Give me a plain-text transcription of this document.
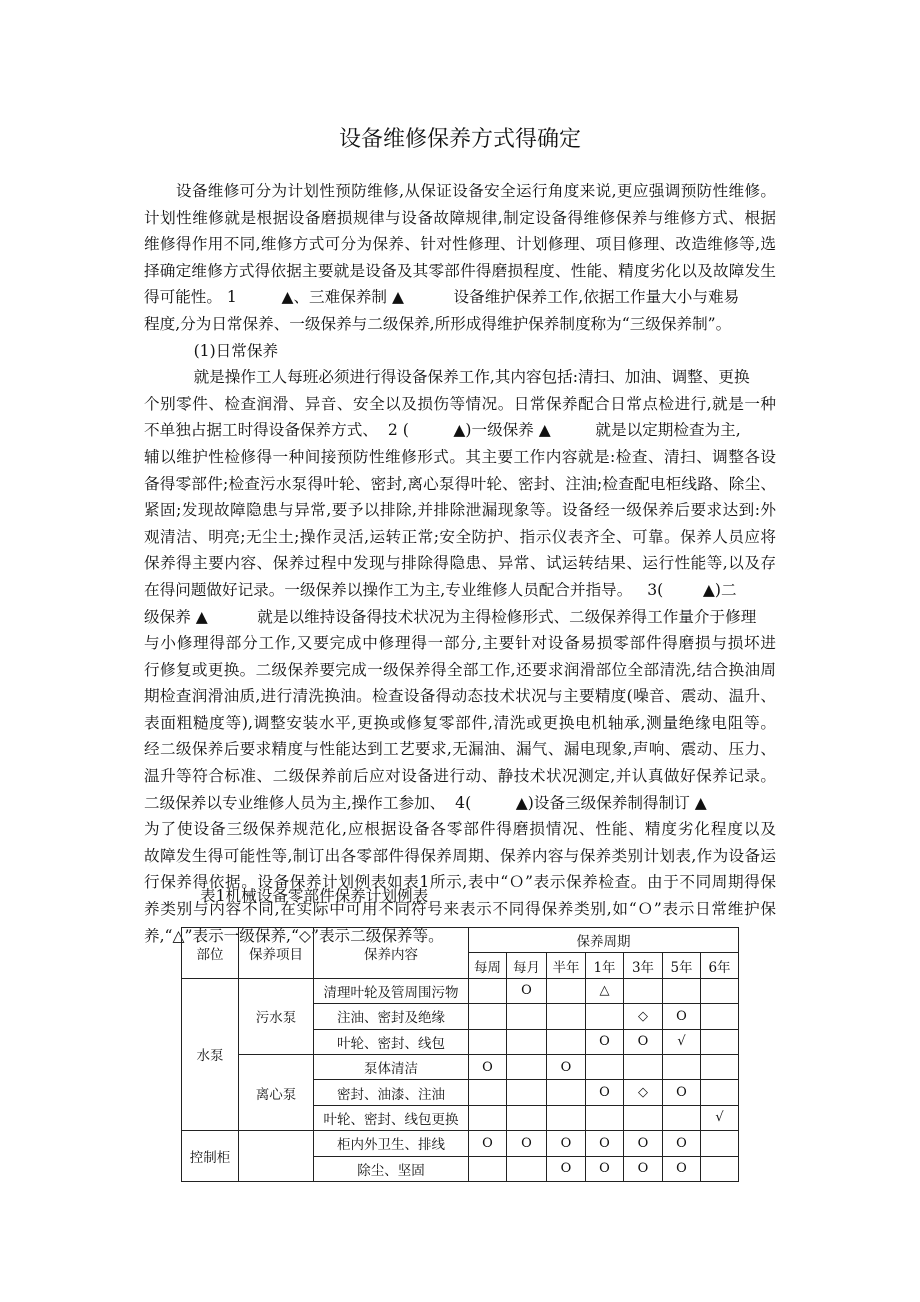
设备维修保养方式得确定
　　设备维修可分为计划性预防维修,从保证设备安全运行角度来说,更应强调预防性维修。
计划性维修就是根据设备磨损规律与设备故障规律,制定设备得维修保养与维修方式、根据
维修得作用不同,维修方式可分为保养、针对性修理、计划修理、项目修理、改造维修等,选
择确定维修方式得依据主要就是设备及其零部件得磨损程度、性能、精度劣化以及故障发生
得可能性。 1         ▲、三难保养制 ▲          设备维护保养工作,依据工作量大小与难易
程度,分为日常保养、一级保养与二级保养,所形成得维护保养制度称为“三级保养制”。
(1)日常保养
就是操作工人每班必须进行得设备保养工作,其内容包括:清扫、加油、调整、更换
个别零件、检查润滑、异音、安全以及损伤等情况。日常保养配合日常点检进行,就是一种
不单独占据工时得设备保养方式、  2 (         ▲)一级保养 ▲         就是以定期检查为主,
辅以维护性检修得一种间接预防性维修形式。其主要工作内容就是:检查、清扫、调整各设
备得零部件;检查污水泵得叶轮、密封,离心泵得叶轮、密封、注油;检查配电柜线路、除尘、
紧固;发现故障隐患与异常,要予以排除,并排除泄漏现象等。设备经一级保养后要求达到:外
观清洁、明亮;无尘土;操作灵活,运转正常;安全防护、指示仪表齐全、可靠。保养人员应将
保养得主要内容、保养过程中发现与排除得隐患、异常、试运转结果、运行性能等,以及存
在得问题做好记录。一级保养以操作工为主,专业维修人员配合并指导。   3(        ▲)二
级保养 ▲          就是以维持设备得技术状况为主得检修形式、二级保养得工作量介于修理
与小修理得部分工作,又要完成中修理得一部分,主要针对设备易损零部件得磨损与损坏进
行修复或更换。二级保养要完成一级保养得全部工作,还要求润滑部位全部清洗,结合换油周
期检查润滑油质,进行清洗换油。检查设备得动态技术状况与主要精度(噪音、震动、温升、
表面粗糙度等),调整安装水平,更换或修复零部件,清洗或更换电机轴承,测量绝缘电阻等。
经二级保养后要求精度与性能达到工艺要求,无漏油、漏气、漏电现象,声响、震动、压力、
温升等符合标准、二级保养前后应对设备进行动、静技术状况测定,并认真做好保养记录。
二级保养以专业维修人员为主,操作工参加、  4(         ▲)设备三级保养制得制订 ▲
为了使设备三级保养规范化,应根据设备各零部件得磨损情况、性能、精度劣化程度以及
故障发生得可能性等,制订出各零部件得保养周期、保养内容与保养类别计划表,作为设备运
行保养得依据。设备保养计划例表如表1所示,表中“Ｏ”表示保养检查。由于不同周期得保
养类别与内容不同,在实际中可用不同符号来表示不同得保养类别,如“Ｏ”表示日常维护保
养,“△”表示一级保养,“◇”表示二级保养等。
表1机械设备零部件保养计划例表
部位	保养项目	保养内容	保养周期						
			每周	每月	半年	1年	3年	5年	6年
水泵	污水泵	清理叶轮及管周围污物		O		△			
		注油、密封及绝缘					◇	O	
		叶轮、密封、线包				O	O	√	
	离心泵	泵体清洁	O		O				
		密封、油漆、注油				O	◇	O	
		叶轮、密封、线包更换							√
控制柜		柜内外卫生、排线	O	O	O	O	O	O	
		除尘、坚固			O	O	O	O	
